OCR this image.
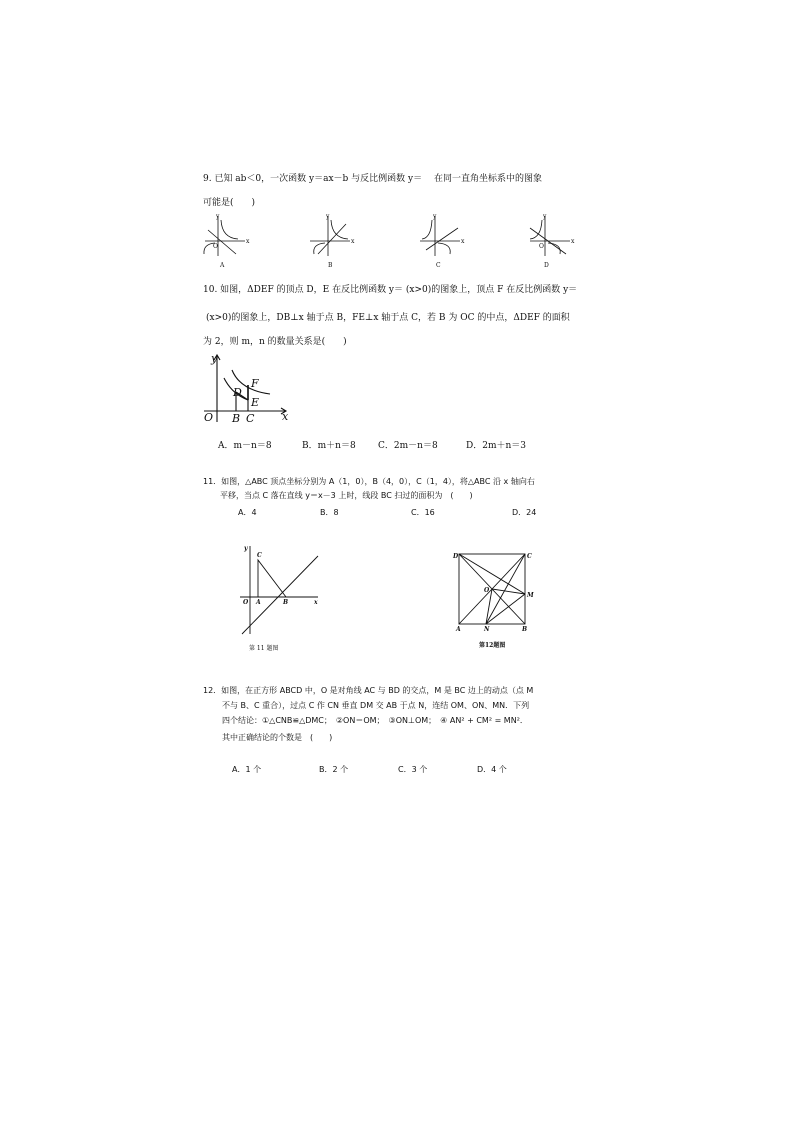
9. 已知 ab＜0，一次函数 y＝ax－b 与反比例函数 y＝　 在同一直角坐标系中的图象
可能是(　　)
y
x
y
x
y
x
y
x
O	O
A	B	C	D
10. 如图，ΔDEF 的顶点 D，E 在反比例函数 y＝ (x>0)的图象上，顶点 F 在反比例函数 y＝
(x>0)的图象上，DB⊥x 轴于点 B，FE⊥x 轴于点 C，若 B 为 OC 的中点，ΔDEF 的面积
为 2，则 m，n 的数量关系是(　　)
y
x
O B C
D
E
F
A．m－n＝8	B．m＋n＝8 C．2m－n＝8	D．2m＋n＝3
11．如图，△ABC 顶点坐标分别为 A（1，0），B（4，0），C（1，4），将△ABC 沿 x 轴向右
平移，当点 C 落在直线 y＝x－3 上时，线段 BC 扫过的面积为　(　　)
A．4	B．8	C．16	D．24
y
x
O A	B
C
第 11 题图
D	C
A	N	B
M
O
第12题图
12．如图，在正方形 ABCD 中，O 是对角线 AC 与 BD 的交点，M 是 BC 边上的动点（点 M
不与 B、C 重合），过点 C 作 CN 垂直 DM 交 AB 于点 N，连结 OM、ON、MN．下列
四个结论：①△CNB≌△DMC；　②ON＝OM；　③ON⊥OM；　④ AN² + CM² = MN²．
其中正确结论的个数是　(　　)
A．1 个	B．2 个	C．3 个	D．4 个
